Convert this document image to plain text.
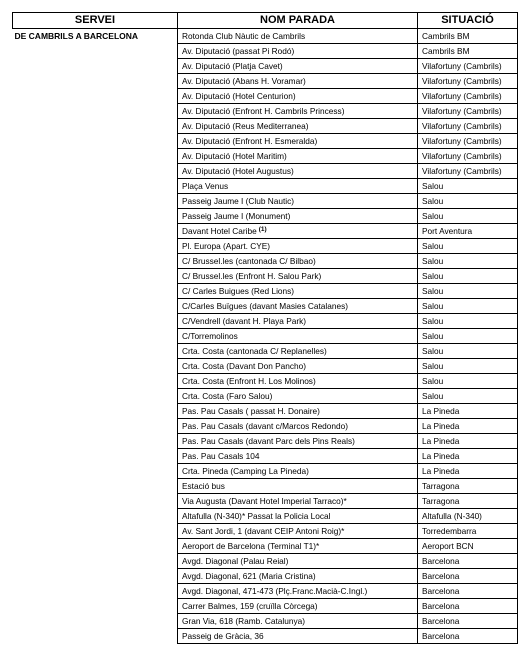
SERVEI	NOM PARADA	SITUACIÓ
DE CAMBRILS A BARCELONA	Rotonda Club Nàutic de Cambrils	Cambrils BM
	Av. Diputació (passat Pi Rodó)	Cambrils BM
	Av. Diputació (Platja Cavet)	Vilafortuny (Cambrils)
	Av. Diputació (Abans H. Voramar)	Vilafortuny (Cambrils)
	Av. Diputació (Hotel Centurion)	Vilafortuny (Cambrils)
	Av. Diputació (Enfront H. Cambrils Princess)	Vilafortuny (Cambrils)
	Av. Diputació (Reus Mediterranea)	Vilafortuny (Cambrils)
	Av. Diputació (Enfront H. Esmeralda)	Vilafortuny (Cambrils)
	Av. Diputació (Hotel Maritim)	Vilafortuny (Cambrils)
	Av. Diputació (Hotel Augustus)	Vilafortuny (Cambrils)
	Plaça Venus	Salou
	Passeig Jaume I (Club Nautic)	Salou
	Passeig Jaume I (Monument)	Salou
	Davant Hotel Caribe $^{(1)}$	Port Aventura
	Pl. Europa (Apart. CYE)	Salou
	C/ Brussel.les (cantonada C/ Bilbao)	Salou
	C/ Brussel.les (Enfront H. Salou Park)	Salou
	C/ Carles Buigues (Red Lions)	Salou
	C/Carles Buïgues (davant Masies Catalanes)	Salou
	C/Vendrell (davant H. Playa Park)	Salou
	C/Torremolinos	Salou
	Crta. Costa (cantonada C/ Replanelles)	Salou
	Crta. Costa (Davant Don Pancho)	Salou
	Crta. Costa (Enfront H. Los Molinos)	Salou
	Crta. Costa (Faro Salou)	Salou
	Pas. Pau Casals ( passat H. Donaire)	La Pineda
	Pas. Pau Casals (davant c/Marcos Redondo)	La Pineda
	Pas. Pau Casals (davant Parc dels Pins Reals)	La Pineda
	Pas. Pau Casals 104	La Pineda
	Crta. Pineda (Camping La Pineda)	La Pineda
	Estació bus	Tarragona
	Via Augusta (Davant Hotel Imperial Tarraco)*	Tarragona
	Altafulla (N-340)* Passat la Policia Local	Altafulla (N-340)
	Av. Sant Jordi, 1 (davant CEIP Antoni Roig)*	Torredembarra
	Aeroport de Barcelona (Terminal T1)*	Aeroport BCN
	Avgd. Diagonal (Palau Reial)	Barcelona
	Avgd. Diagonal, 621 (Maria Cristina)	Barcelona
	Avgd. Diagonal, 471-473 (Plç.Franc.Macià-C.Ingl.)	Barcelona
	Carrer Balmes, 159 (cruïlla Còrcega)	Barcelona
	Gran Via, 618 (Ramb. Catalunya)	Barcelona
	Passeig de Gràcia, 36	Barcelona
